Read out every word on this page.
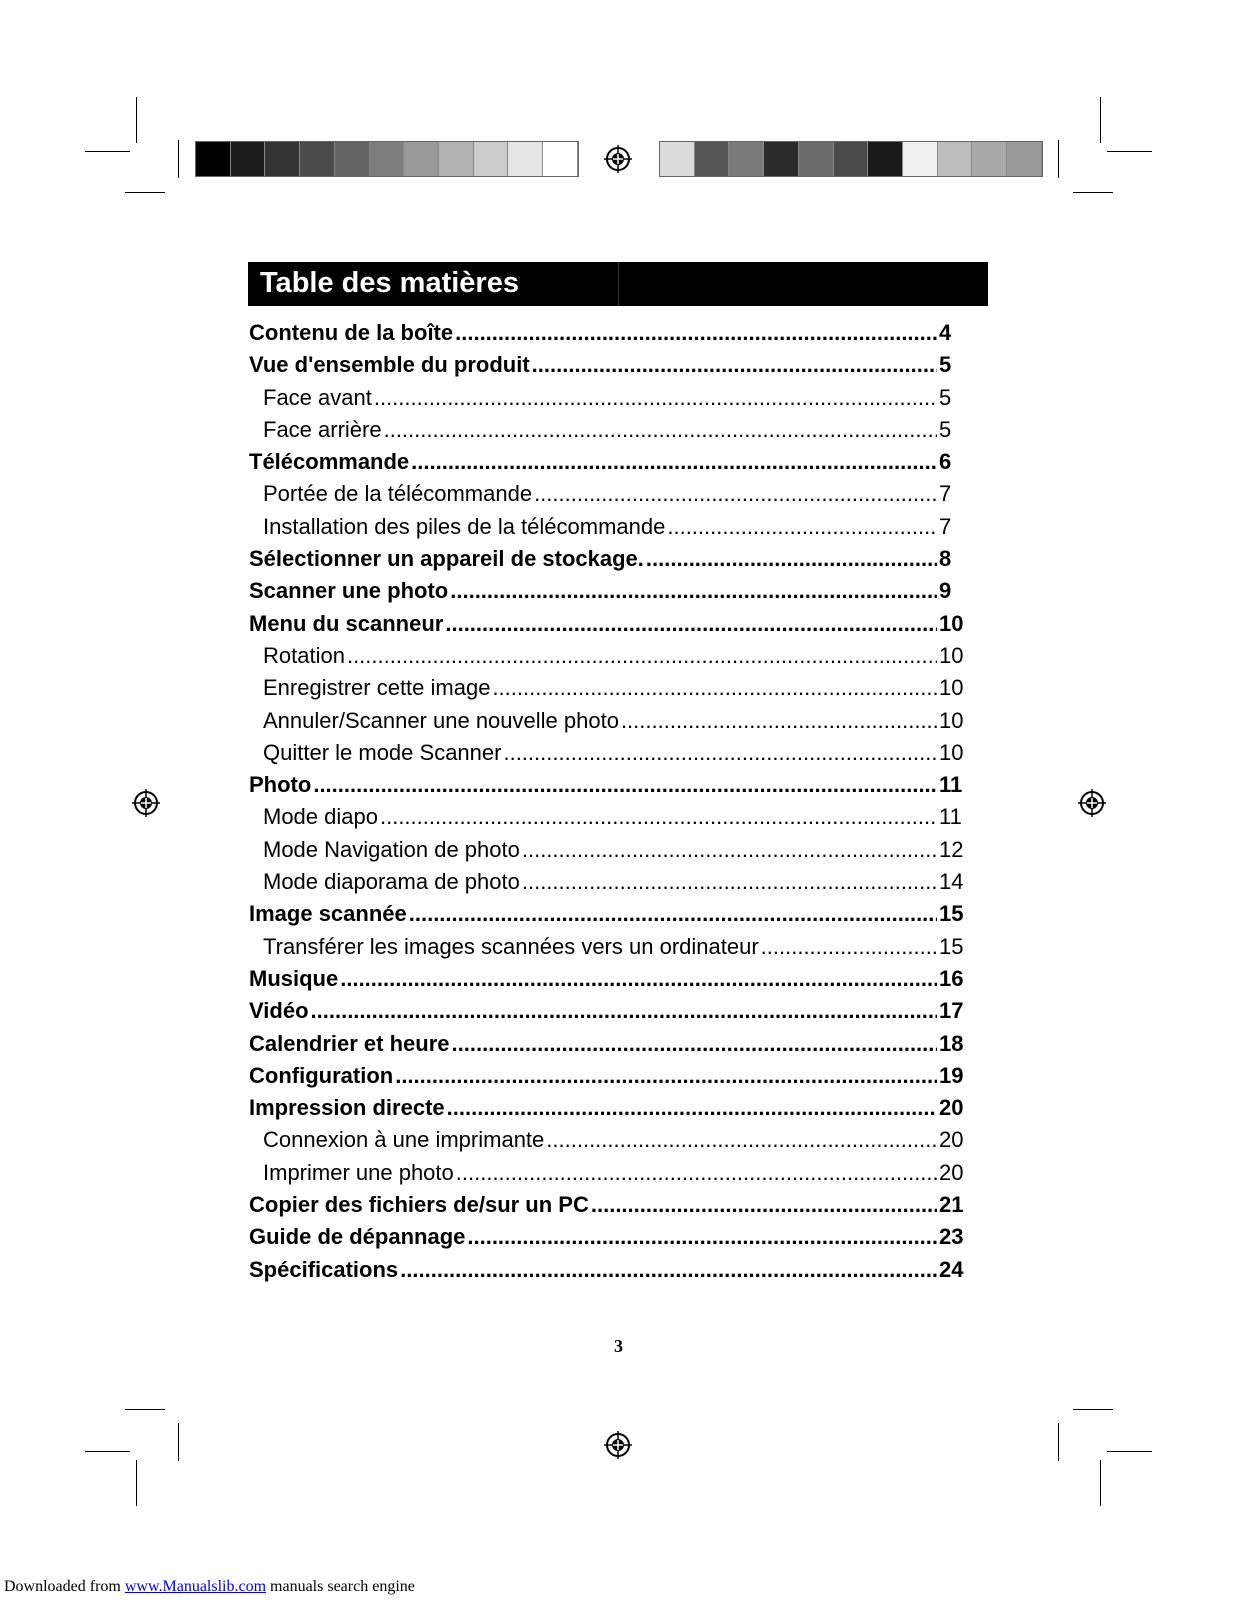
Table des matières
Contenu de la boîte .....	4
Vue d'ensemble du produit .....	5
Face avant .....	5
Face arrière .....	5
Télécommande .....	6
Portée de la télécommande .....	7
Installation des piles de la télécommande .....	7
Sélectionner un appareil de stockage. .....	8
Scanner une photo .....	9
Menu du scanneur .....	10
Rotation .....	10
Enregistrer cette image .....	10
Annuler/Scanner une nouvelle photo .....	10
Quitter le mode Scanner .....	10
Photo .....	11
Mode diapo .....	11
Mode Navigation de photo .....	12
Mode diaporama de photo .....	14
Image scannée .....	15
Transférer les images scannées vers un ordinateur .....	15
Musique .....	16
Vidéo .....	17
Calendrier et heure .....	18
Configuration .....	19
Impression directe .....	20
Connexion à une imprimante .....	20
Imprimer une photo .....	20
Copier des fichiers de/sur un PC .....	21
Guide de dépannage .....	23
Spécifications .....	24
3
Downloaded from www.Manualslib.com manuals search engine
